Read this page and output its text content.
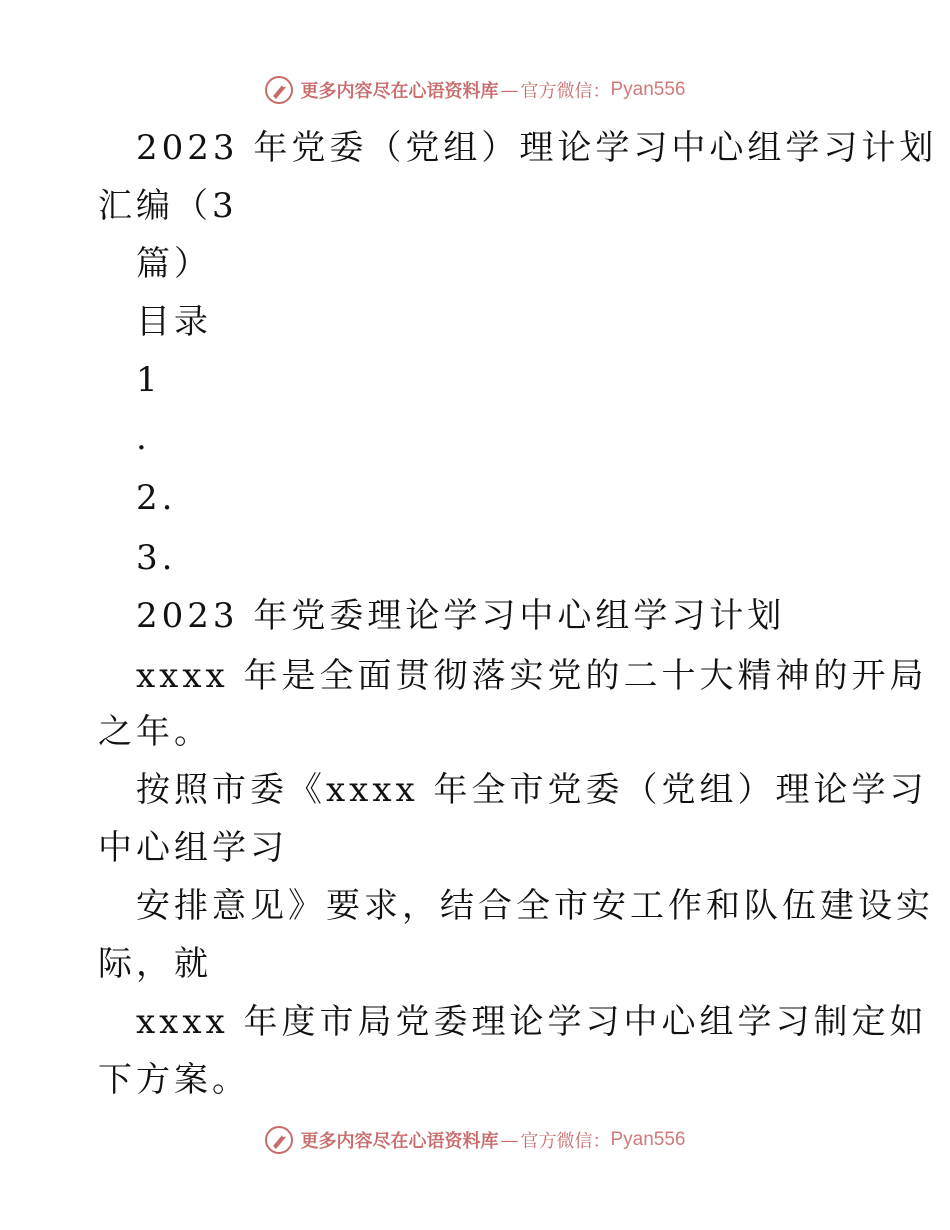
更多内容尽在心语资料库 — 官方微信： Pyan556
2023 年党委（党组）理论学习中心组学习计划
汇编（3
篇）
目录
1
.
2.
3.
2023 年党委理论学习中心组学习计划
xxxx 年是全面贯彻落实党的二十大精神的开局
之年。
按照市委《xxxx 年全市党委（党组）理论学习
中心组学习
安排意见》要求，结合全市安工作和队伍建设实
际，就
xxxx 年度市局党委理论学习中心组学习制定如
下方案。
更多内容尽在心语资料库 — 官方微信： Pyan556
